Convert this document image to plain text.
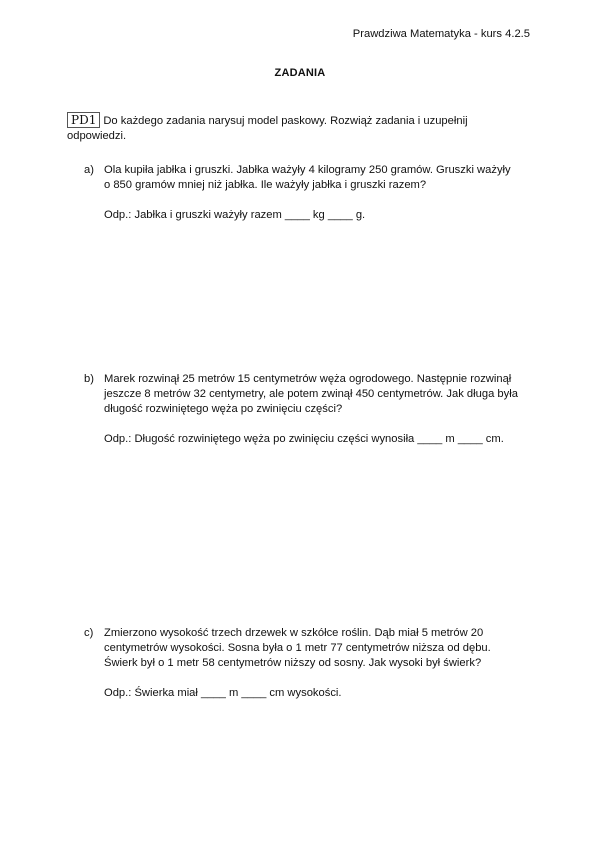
Prawdziwa Matematyka - kurs 4.2.5
ZADANIA
PD1 Do każdego zadania narysuj model paskowy. Rozwiąż zadania i uzupełnij
odpowiedzi.
a) Ola kupiła jabłka i gruszki. Jabłka ważyły 4 kilogramy 250 gramów. Gruszki ważyły
o 850 gramów mniej niż jabłka. Ile ważyły jabłka i gruszki razem?
Odp.: Jabłka i gruszki ważyły razem ____ kg ____ g.
b) Marek rozwinął 25 metrów 15 centymetrów węża ogrodowego. Następnie rozwinął
jeszcze 8 metrów 32 centymetry, ale potem zwinął 450 centymetrów. Jak długa była
długość rozwiniętego węża po zwinięciu części?
Odp.: Długość rozwiniętego węża po zwinięciu części wynosiła ____ m ____ cm.
c) Zmierzono wysokość trzech drzewek w szkółce roślin. Dąb miał 5 metrów 20
centymetrów wysokości. Sosna była o 1 metr 77 centymetrów niższa od dębu.
Świerk był o 1 metr 58 centymetrów niższy od sosny. Jak wysoki był świerk?
Odp.: Świerka miał ____ m ____ cm wysokości.
